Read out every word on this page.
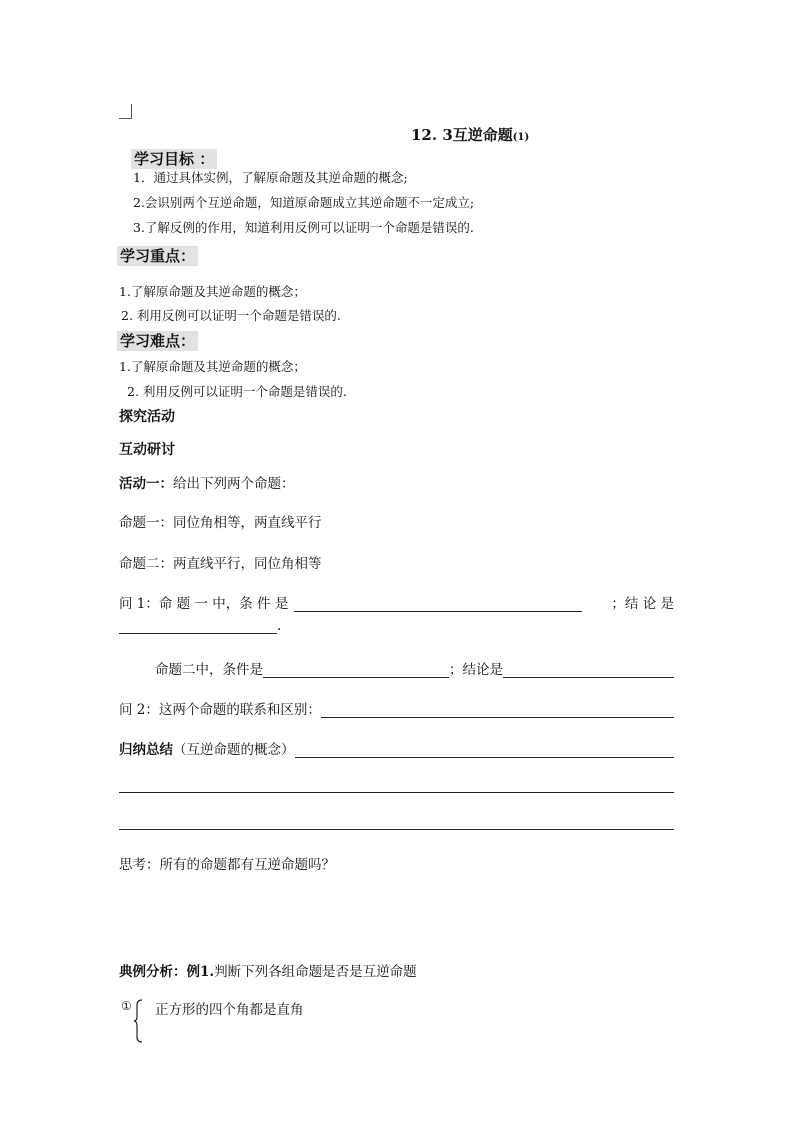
12. 3互逆命题(1)
学习目标 ：
1．通过具体实例，了解原命题及其逆命题的概念;
2.会识别两个互逆命题，知道原命题成立其逆命题不一定成立;
3.了解反例的作用，知道利用反例可以证明一个命题是错误的.
学习重点：
1.了解原命题及其逆命题的概念；
2. 利用反例可以证明一个命题是错误的.
学习难点：
1.了解原命题及其逆命题的概念；
2. 利用反例可以证明一个命题是错误的.
探究活动
互动研讨
活动一：给出下列两个命题：
命题一：同位角相等，两直线平行
命题二：两直线平行，同位角相等
问 1：命 题 一 中，条 件 是	；结 论 是
.
命题二中，条件是	；结论是
问 2：这两个命题的联系和区别：
归纳总结 （互逆命题的概念）
思考：所有的命题都有互逆命题吗？
典例分析：例1.判断下列各组命题是否是互逆命题
① 正方形的四个角都是直角
